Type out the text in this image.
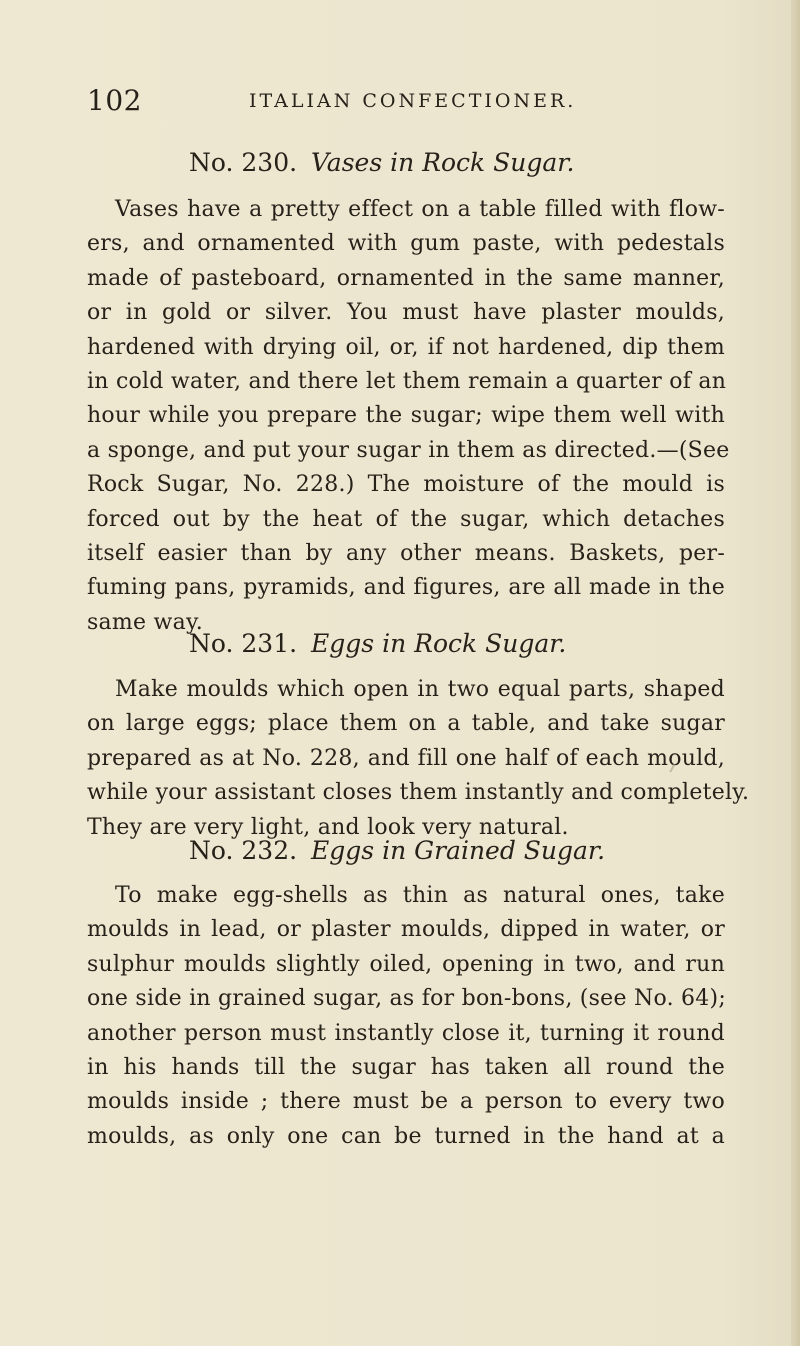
102	ITALIAN CONFECTIONER.
No. 230. Vases in Rock Sugar.

Vases have a pretty effect on a table filled with flow-

ers, and ornamented with gum paste, with pedestals

made of pasteboard, ornamented in the same manner,

or in gold or silver. You must have plaster moulds,

hardened with drying oil, or, if not hardened, dip them

in cold water, and there let them remain a quarter of an

hour while you prepare the sugar; wipe them well with

a sponge, and put your sugar in them as directed.—(See

Rock Sugar, No. 228.) The moisture of the mould is

forced out by the heat of the sugar, which detaches

itself easier than by any other means. Baskets, per-

fuming pans, pyramids, and figures, are all made in the

same way.

No. 231. Eggs in Rock Sugar.

Make moulds which open in two equal parts, shaped

on large eggs; place them on a table, and take sugar

prepared as at No. 228, and fill one half of each mould,

while your assistant closes them instantly and completely.

They are very light, and look very natural.

No. 232. Eggs in Grained Sugar.

To make egg-shells as thin as natural ones, take

moulds in lead, or plaster moulds, dipped in water, or

sulphur moulds slightly oiled, opening in two, and run

one side in grained sugar, as for bon-bons, (see No. 64);

another person must instantly close it, turning it round

in his hands till the sugar has taken all round the

moulds inside ; there must be a person to every two

moulds, as only one can be turned in the hand at a
